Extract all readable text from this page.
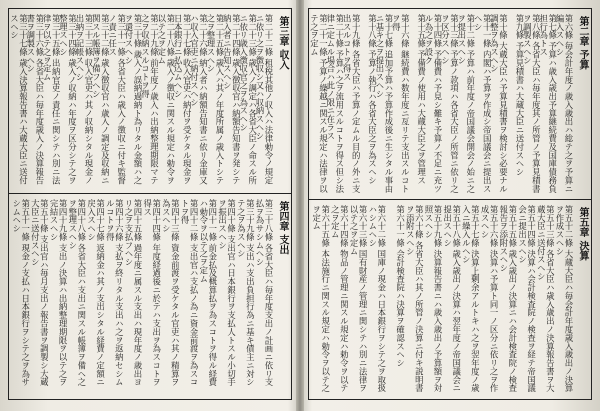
第三章 収入
第二十二條 租税其他ノ収入ハ法律勅令ノ規定ニ依リ之ヲ徴収シ又ハ収納スヘシ
第二十三條 歳入ノ調定ハ各省大臣ノ命スル所ニ依リ歳入徴収官之ヲ為スヘシ
第二十四條 歳入徴収官ハ納額告知書ヲ発シテ納入者ニ告知スヘシ
第二十五條 歳入ハ其ノ年度所属ノ歳入トシテ之ヲ整理スヘシ
第二十六條 納入者ハ納額告知書ニ依リ金庫又ハ収入官吏ニ納付スヘシ
第二十七條 收入官吏ハ納付ヲ受ケタル現金ヲ日本銀行ニ払込ムヘシ
第二十八條 歳入ノ徴収ニ関スル規定ハ勅令ヲ以テ之ヲ定ム
第二十九條 前年度ノ歳入ハ出納整理期限マテ之ヲ収納スルコトヲ得
第三十條 歳入ノ誤納過納ト為リタル金額ハ之ヲ還付スヘシ
第三十一條 各省大臣ハ歳入ノ徴収ニ付キ監督ノ責ニ任ス
第三十二條 歳入徴収官ハ歳入ノ調定及収納ニ関スル帳簿ヲ備フヘシ
第三十三條 収入官吏ハ其ノ収納シタル現金ノ出納ヲ記帳スヘシ
第三十四條 歳入ノ収納ハ年度ヲ区分シテ之ヲ整理スヘシ
第三十五條 出納官吏ノ責任ニ関シテハ別ニ法律ヲ以テ之ヲ定ム
第三十六條 各省大臣ハ毎年度歳入ノ決算報告書ヲ調製スヘシ
第三十七條 歳入決算報告書ハ大蔵大臣ニ送付スヘシ
第四章 支出
第三十八條 各省大臣ハ毎年度支出ノ計画ニ依リ支払ヲ為サシムヘシ
第三十九條 支出ハ支出負担行為ニ基キ債主ニ対シテ之ヲ為スヘシ
第四十條 支出官ハ日本銀行ヲ支払人トスル小切手ヲ振出スヘシ
第四十一條 前金払及概算払ヲ為スコトヲ得ル経費ハ勅令ヲ以テ之ヲ定ム
第四十二條 支出官ハ支払ノ為ニ資金前渡ヲ為スコトヲ得
第四十三條 資金前渡ヲ受ケタル官吏ハ其ノ精算ヲ為スヘシ
第四十四條 年度経過後ニ於テハ支出ヲ為スコトヲ得ス
第四十五條 過年度ニ属スル支出ハ現年度ノ歳出ヨリ之ヲ支払フヘシ
第四十六條 支払ヲ終リタル支出ハ之ヲ返納セシムルコトヲ得
第四十七條 返納金ハ其ノ支出シタル経費ノ定額ニ戻入スヘシ
第四十八條 各省大臣ハ支出ニ関スル帳簿ヲ備ヘ之ヲ整理スヘシ
第四十九條 支出ノ決算ハ出納整理期限ヲ以テ之ヲ完結スヘシ
第五十條 支出官ハ毎月支出ノ報告書ヲ調製シ大蔵大臣ニ送付スヘシ
第五十一條 現金ノ支払ハ日本銀行ヲシテ之ヲ為サシムヘシ
第二章 予算
第六條 毎会計年度ノ歳入歳出ハ総テ之ヲ予算ニ編入スヘシ
第七條 予算ハ歳入歳出予算継続費及国庫債務負担行為トス
第八條 各省大臣ハ毎年度其ノ所管ノ予算見積書ヲ調製スヘシ
第九條 予算見積書ハ大蔵大臣ニ送付スヘシ
第十條 大蔵大臣ハ予算見積書ヲ検討シ必要ナル調整ヲ為スヘシ
第十一條 内閣ハ予算ヲ作成シ帝国議会ニ提出スヘシ
第十二條 予算ハ前年度ノ帝国議会開会ノ始ニ之ヲ提出スヘシ
第十三條 予算ノ款項ハ各省大臣ノ所管ニ依リ之ヲ区分スヘシ
第十四條 予備費ハ予見シ難キ予算ノ不足ニ充ツル為之ヲ設ク
第十五條 予備費ノ使用ハ大蔵大臣之ヲ管理ス
第十六條 継続費ハ数年度ニ亙リテ支出スルコトヲ得
第十七條 追加予算ハ予算作成後ニ生シタル事由ニ基キ之ヲ提出スヘシ
第十八條 予算ノ執行ハ各省大臣之ヲ為スヘシ
第十九條 各省大臣ハ予算ノ定ムル目的ノ外ニ支出スルコトヲ得ス
第二十條 予算ハ之ヲ流用スルコトヲ得ス但シ法律ニ定ムル場合ハ此ノ限ニ在ラス
第二十一條 予算ノ繰越ニ関スル規定ハ法律ヲ以テ之ヲ定ム
第五章 決算
第五十二條 大蔵大臣ハ毎会計年度歳入歳出ノ決算ヲ作成スヘシ
第五十三條 各省大臣ハ歳入歳出ノ決算報告書ヲ大蔵大臣ニ送付スヘシ
第五十四條 決算ハ会計検査院ノ検査ヲ経テ帝国議会ニ提出スヘシ
第五十五條 歳入歳出ノ決算ニハ会計検査院ノ検査報告ヲ添附スヘシ
第五十六條 決算ハ予算ト同一ノ区分ニ依リ之ヲ作成スヘシ
第五十七條 決算上剰余アルトキハ之ヲ翌年度ノ歳入ニ繰入ルヘシ
第五十八條 歳入歳出ノ決算ハ翌年度ノ帝国議会ニ提出スヘシ
第五十九條 決算報告書ニハ歳入歳出ノ予算額ヲ対照スヘシ
第六十條 各省大臣ハ其ノ所管ノ決算ニ付キ説明書ヲ添附スヘシ
第六十一條 会計検査院ハ決算ヲ確認スヘシ
第六十二條 国庫ノ現金ハ日本銀行ヲシテ之ヲ取扱ハシムヘシ
第六十三條 国有財産ノ管理ニ関シテハ別ニ法律ヲ以テ之ヲ定ム
第六十四條 物品ノ管理ニ関スル規定ハ勅令ヲ以テ之ヲ定ム
第六十五條 本法施行ニ関スル規定ハ勅令ヲ以テ之ヲ定ム
